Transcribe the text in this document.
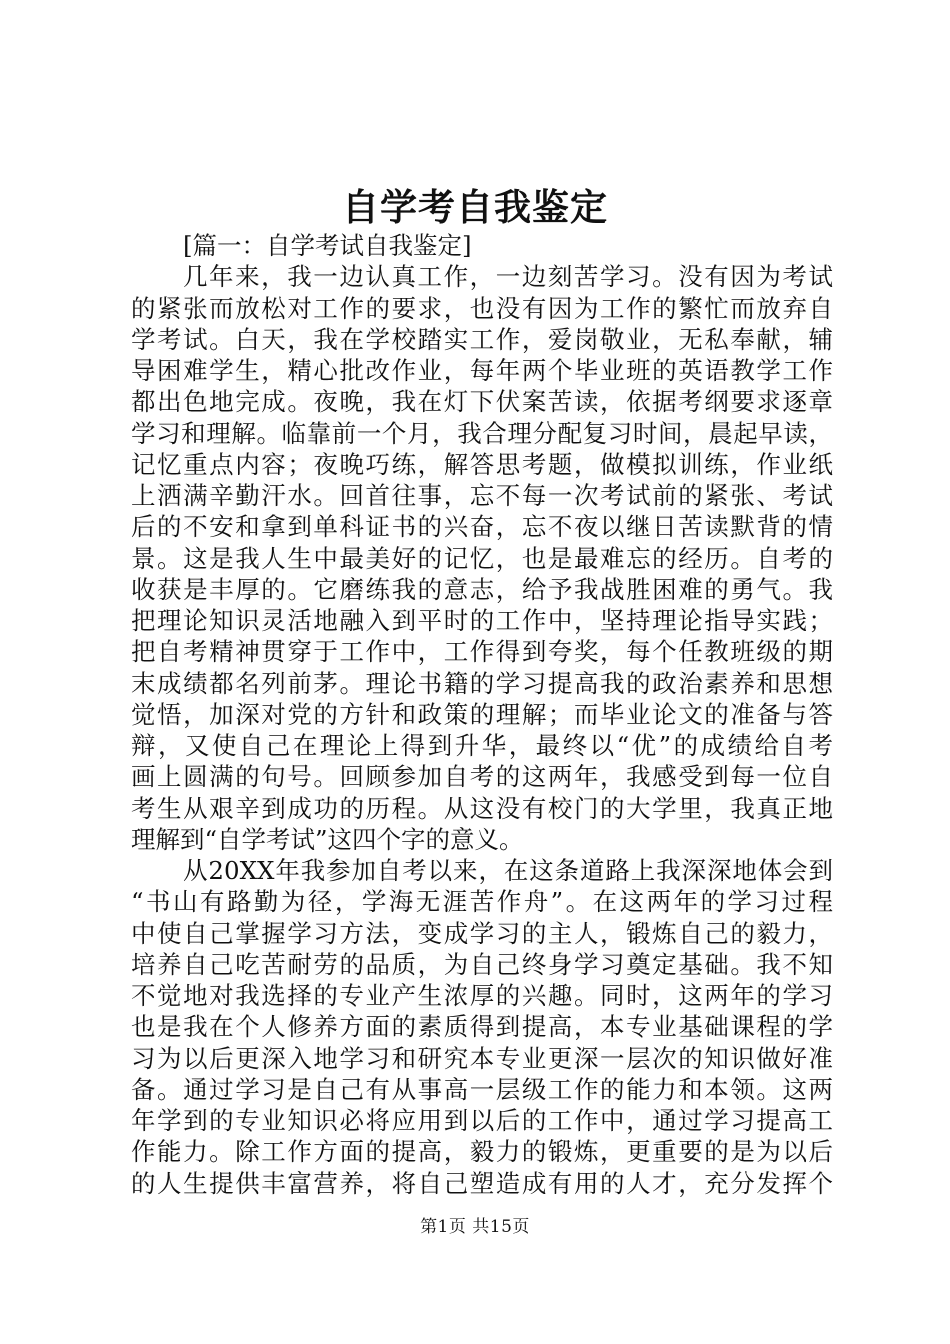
自学考自我鉴定
[篇一：自学考试自我鉴定]
几年来，我一边认真工作，一边刻苦学习。没有因为考试
的紧张而放松对工作的要求，也没有因为工作的繁忙而放弃自
学考试。白天，我在学校踏实工作，爱岗敬业，无私奉献，辅
导困难学生，精心批改作业，每年两个毕业班的英语教学工作
都出色地完成。夜晚，我在灯下伏案苦读，依据考纲要求逐章
学习和理解。临靠前一个月，我合理分配复习时间，晨起早读，
记忆重点内容；夜晚巧练，解答思考题，做模拟训练，作业纸
上洒满辛勤汗水。回首往事，忘不每一次考试前的紧张、考试
后的不安和拿到单科证书的兴奋，忘不夜以继日苦读默背的情
景。这是我人生中最美好的记忆，也是最难忘的经历。自考的
收获是丰厚的。它磨练我的意志，给予我战胜困难的勇气。我
把理论知识灵活地融入到平时的工作中，坚持理论指导实践；
把自考精神贯穿于工作中，工作得到夸奖，每个任教班级的期
末成绩都名列前茅。理论书籍的学习提高我的政治素养和思想
觉悟，加深对党的方针和政策的理解；而毕业论文的准备与答
辩，又使自己在理论上得到升华，最终以“优”的成绩给自考
画上圆满的句号。回顾参加自考的这两年，我感受到每一位自
考生从艰辛到成功的历程。从这没有校门的大学里，我真正地
理解到“自学考试”这四个字的意义。
从20XX年我参加自考以来，在这条道路上我深深地体会到
“书山有路勤为径，学海无涯苦作舟”。在这两年的学习过程
中使自己掌握学习方法，变成学习的主人，锻炼自己的毅力，
培养自己吃苦耐劳的品质，为自己终身学习奠定基础。我不知
不觉地对我选择的专业产生浓厚的兴趣。同时，这两年的学习
也是我在个人修养方面的素质得到提高，本专业基础课程的学
习为以后更深入地学习和研究本专业更深一层次的知识做好准
备。通过学习是自己有从事高一层级工作的能力和本领。这两
年学到的专业知识必将应用到以后的工作中，通过学习提高工
作能力。除工作方面的提高，毅力的锻炼，更重要的是为以后
的人生提供丰富营养，将自己塑造成有用的人才，充分发挥个
第1页 共15页
